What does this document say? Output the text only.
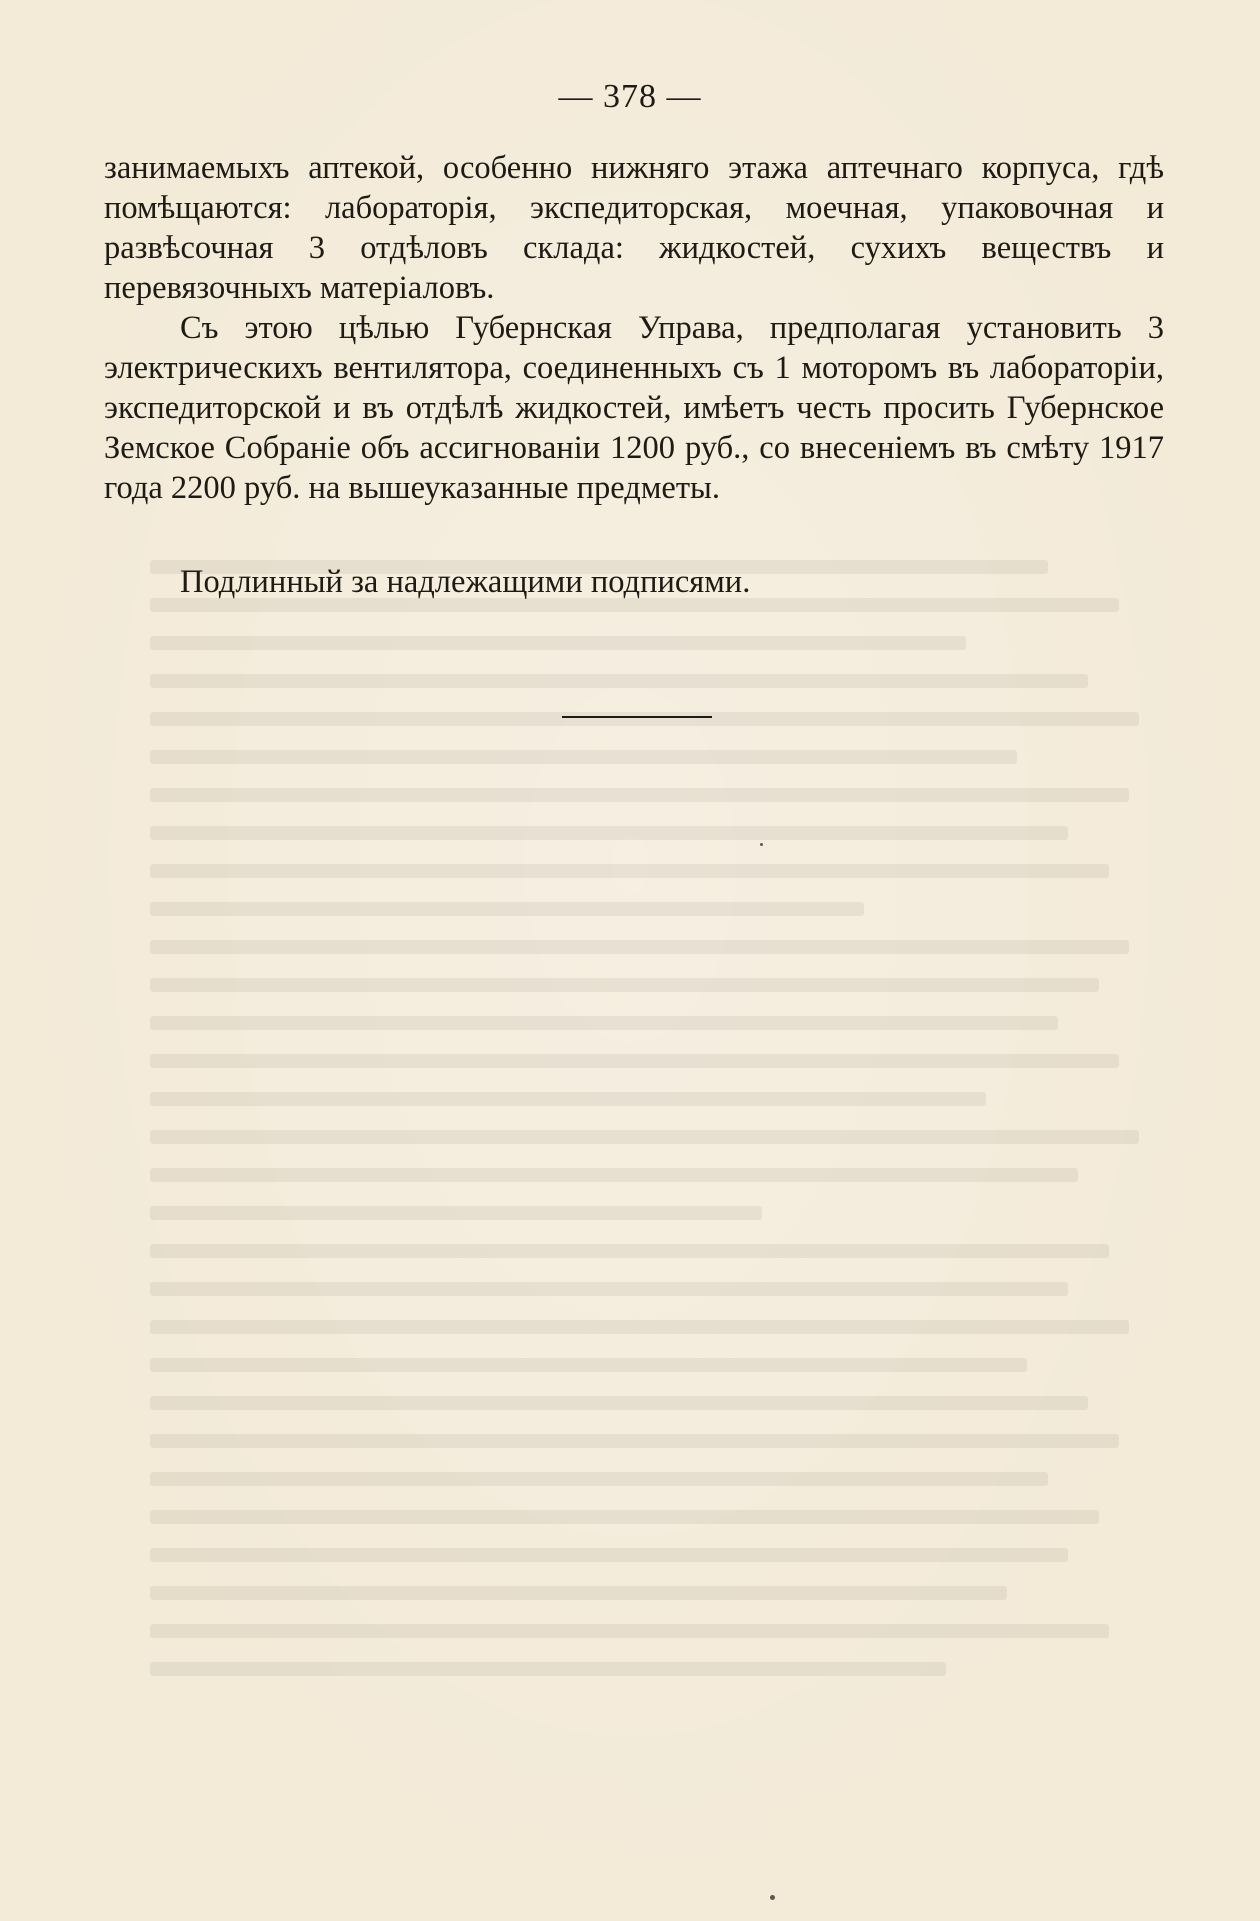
— 378 —

занимаемыхъ аптекой, особенно нижняго этажа аптечнаго корпуса, гдѣ помѣщаются: лабораторія, экспедиторская, моечная, упаковочная и развѣсочная 3 отдѣловъ склада: жидкостей, сухихъ веществъ и перевязочныхъ матеріаловъ.

Съ этою цѣлью Губернская Управа, предполагая установить 3 электрическихъ вентилятора, соединенныхъ съ 1 моторомъ въ лабораторіи, экспедиторской и въ отдѣлѣ жидкостей, имѣетъ честь просить Губернское Земское Собраніе объ ассигнованіи 1200 руб., со внесеніемъ въ смѣту 1917 года 2200 руб. на вышеуказанные предметы.

Подлинный за надлежащими подписями.
